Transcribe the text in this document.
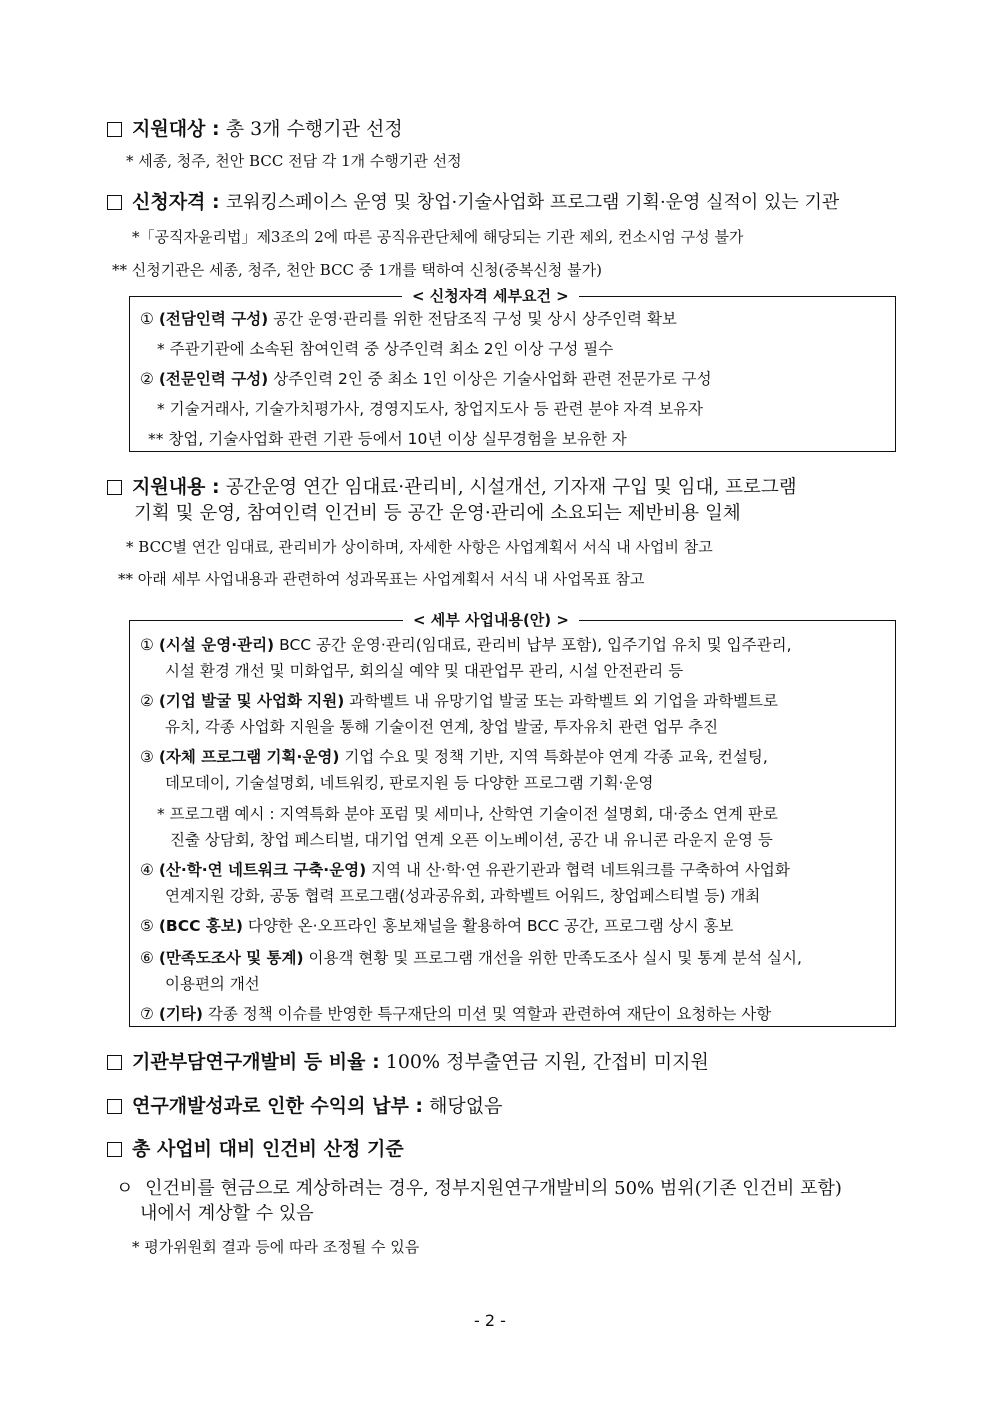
지원대상 : 총 3개 수행기관 선정
* 세종, 청주, 천안 BCC 전담 각 1개 수행기관 선정
신청자격 : 코워킹스페이스 운영 및 창업·기술사업화 프로그램 기획·운영 실적이 있는 기관
*「공직자윤리법」제3조의 2에 따른 공직유관단체에 해당되는 기관 제외, 컨소시엄 구성 불가
** 신청기관은 세종, 청주, 천안 BCC 중 1개를 택하여 신청(중복신청 불가)
< 신청자격 세부요건 >
① (전담인력 구성) 공간 운영·관리를 위한 전담조직 구성 및 상시 상주인력 확보
* 주관기관에 소속된 참여인력 중 상주인력 최소 2인 이상 구성 필수
② (전문인력 구성) 상주인력 2인 중 최소 1인 이상은 기술사업화 관련 전문가로 구성
* 기술거래사, 기술가치평가사, 경영지도사, 창업지도사 등 관련 분야 자격 보유자
** 창업, 기술사업화 관련 기관 등에서 10년 이상 실무경험을 보유한 자
지원내용 : 공간운영 연간 임대료·관리비, 시설개선, 기자재 구입 및 임대, 프로그램
기획 및 운영, 참여인력 인건비 등 공간 운영·관리에 소요되는 제반비용 일체
* BCC별 연간 임대료, 관리비가 상이하며, 자세한 사항은 사업계획서 서식 내 사업비 참고
** 아래 세부 사업내용과 관련하여 성과목표는 사업계획서 서식 내 사업목표 참고
< 세부 사업내용(안) >
① (시설 운영·관리) BCC 공간 운영·관리(임대료, 관리비 납부 포함), 입주기업 유치 및 입주관리,
시설 환경 개선 및 미화업무, 회의실 예약 및 대관업무 관리, 시설 안전관리 등
② (기업 발굴 및 사업화 지원) 과학벨트 내 유망기업 발굴 또는 과학벨트 외 기업을 과학벨트로
유치, 각종 사업화 지원을 통해 기술이전 연계, 창업 발굴, 투자유치 관련 업무 추진
③ (자체 프로그램 기획·운영) 기업 수요 및 정책 기반, 지역 특화분야 연계 각종 교육, 컨설팅,
데모데이, 기술설명회, 네트워킹, 판로지원 등 다양한 프로그램 기획·운영
* 프로그램 예시 : 지역특화 분야 포럼 및 세미나, 산학연 기술이전 설명회, 대·중소 연계 판로
진출 상담회, 창업 페스티벌, 대기업 연계 오픈 이노베이션, 공간 내 유니콘 라운지 운영 등
④ (산·학·연 네트워크 구축·운영) 지역 내 산·학·연 유관기관과 협력 네트워크를 구축하여 사업화
연계지원 강화, 공동 협력 프로그램(성과공유회, 과학벨트 어워드, 창업페스티벌 등) 개최
⑤ (BCC 홍보) 다양한 온·오프라인 홍보채널을 활용하여 BCC 공간, 프로그램 상시 홍보
⑥ (만족도조사 및 통계) 이용객 현황 및 프로그램 개선을 위한 만족도조사 실시 및 통계 분석 실시,
이용편의 개선
⑦ (기타) 각종 정책 이슈를 반영한 특구재단의 미션 및 역할과 관련하여 재단이 요청하는 사항
기관부담연구개발비 등 비율 : 100% 정부출연금 지원, 간접비 미지원
연구개발성과로 인한 수익의 납부 : 해당없음
총 사업비 대비 인건비 산정 기준
ㅇ 인건비를 현금으로 계상하려는 경우, 정부지원연구개발비의 50% 범위(기존 인건비 포함)
내에서 계상할 수 있음
* 평가위원회 결과 등에 따라 조정될 수 있음
- 2 -
